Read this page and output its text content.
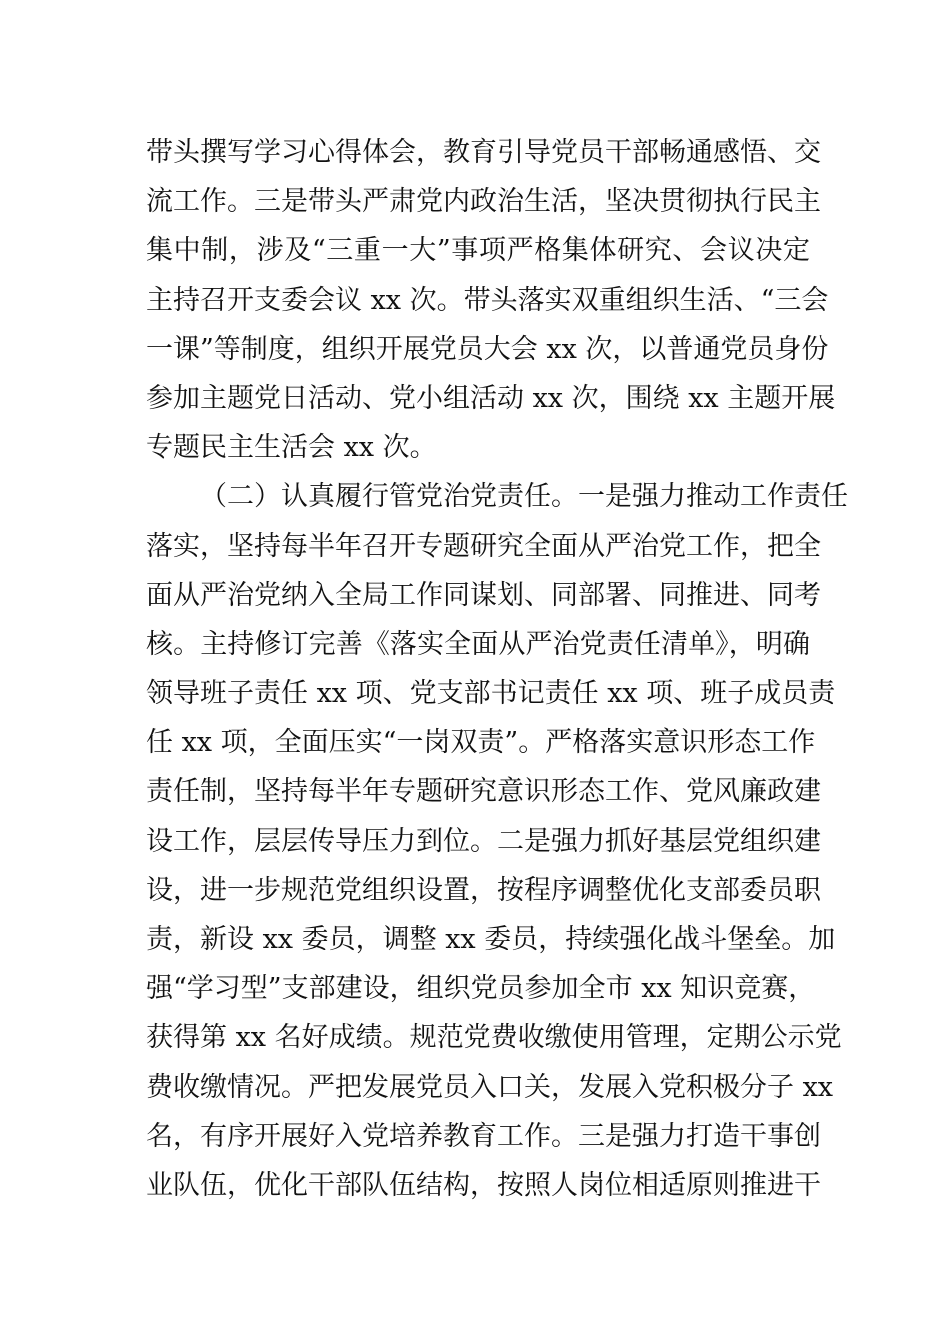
带头撰写学习心得体会，教育引导党员干部畅通感悟、交
流工作。三是带头严肃党内政治生活，坚决贯彻执行民主
集中制，涉及“三重一大”事项严格集体研究、会议决定
主持召开支委会议 xx 次。带头落实双重组织生活、“三会
一课”等制度，组织开展党员大会 xx 次，以普通党员身份
参加主题党日活动、党小组活动 xx 次，围绕 xx 主题开展
专题民主生活会 xx 次。
（二）认真履行管党治党责任。一是强力推动工作责任
落实，坚持每半年召开专题研究全面从严治党工作，把全
面从严治党纳入全局工作同谋划、同部署、同推进、同考
核。主持修订完善《落实全面从严治党责任清单》，明确
领导班子责任 xx 项、党支部书记责任 xx 项、班子成员责
任 xx 项，全面压实“一岗双责”。严格落实意识形态工作
责任制，坚持每半年专题研究意识形态工作、党风廉政建
设工作，层层传导压力到位。二是强力抓好基层党组织建
设，进一步规范党组织设置，按程序调整优化支部委员职
责，新设 xx 委员，调整 xx 委员，持续强化战斗堡垒。加
强“学习型”支部建设，组织党员参加全市 xx 知识竞赛，
获得第 xx 名好成绩。规范党费收缴使用管理，定期公示党
费收缴情况。严把发展党员入口关，发展入党积极分子 xx
名，有序开展好入党培养教育工作。三是强力打造干事创
业队伍，优化干部队伍结构，按照人岗位相适原则推进干
